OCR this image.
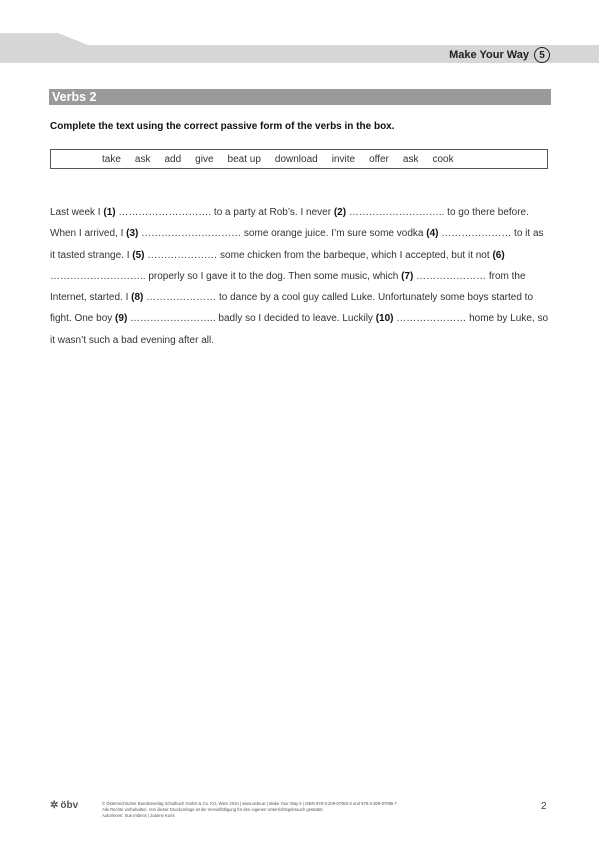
Make Your Way	5
Verbs 2
Complete the text using the correct passive form of the verbs in the box.
take ask add give beat up download invite offer ask cook

Last week I (1) ………………………. to a party at Rob’s. I never (2) ……………………….. to go there before. When I arrived, I (3) ………………………… some orange juice. I’m sure some vodka (4) ………………… to it as it tasted strange. I (5) ………………… some chicken from the barbeque, which I accepted, but it not (6) ……………………….. properly so I gave it to the dog. Then some music, which (7) ………………… from the Internet, started. I (8) ………………… to dance by a cool guy called Luke. Unfortunately some boys started to fight. One boy (9) …………………….. badly so I decided to leave. Luckily (10) ………………… home by Luke, so it wasn’t such a bad evening after all.

✲ öbv	© Österreichischer Bundesverlag Schulbuch GmbH & Co. KG, Wien 2010 | www.oebv.at | Make Your Way 5 | ISBN 978-3-209-07083-3 und 978-3-209-07085-7
Alle Rechte vorbehalten. Von dieser Druckvorlage ist die Vervielfältigung für den eigenen Unterrichtsgebrauch gestattet.
Autorinnen: Sue Imbeck | Joanne Koris
2
